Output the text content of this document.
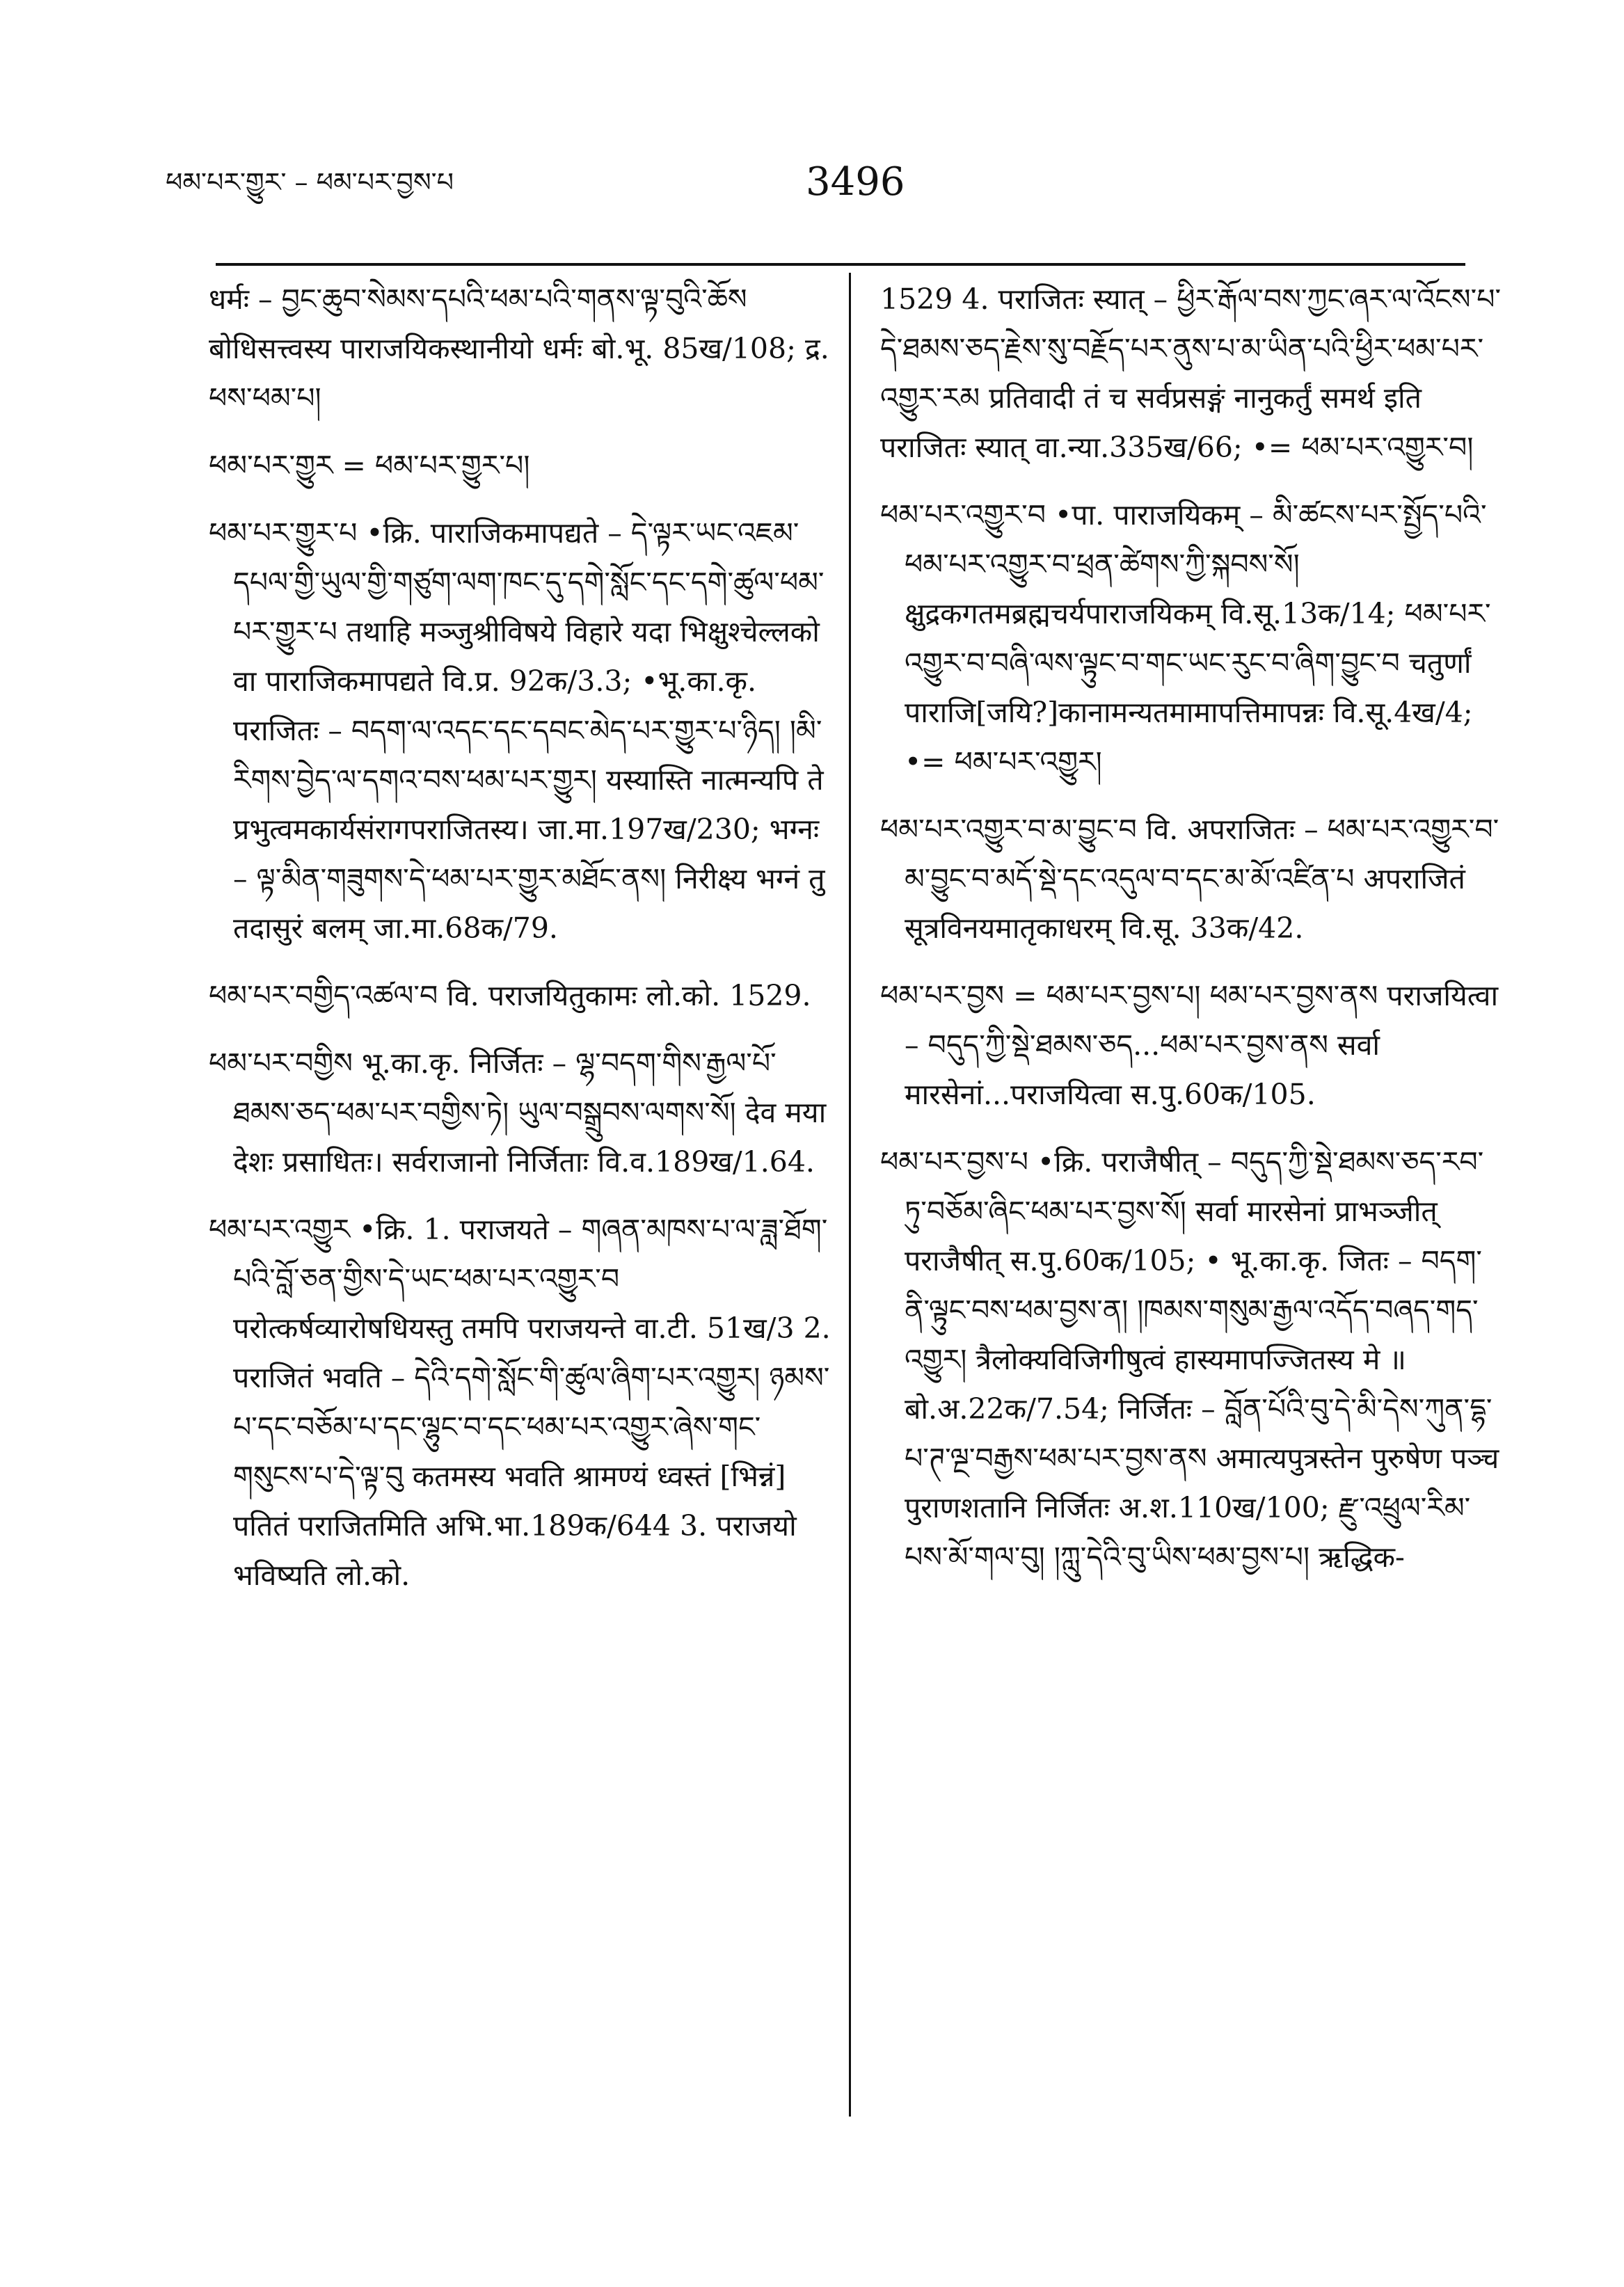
ཕམ་པར་གྱུར་ – ཕམ་པར་བྱས་པ	3496

धर्मः – བྱང་ཆུབ་སེམས་དཔའི་ཕམ་པའི་གནས་ལྟ་བུའི་ཆོས बोधिसत्त्वस्य पाराजयिकस्थानीयो धर्मः बो.भू. 85ख/108; द्र. ཕས་ཕམ་པ།

ཕམ་པར་གྱུར = ཕམ་པར་གྱུར་པ།

ཕམ་པར་གྱུར་པ •क्रि. पाराजिकमापद्यते – དེ་ལྟར་ཡང་འཇམ་དཔལ་གྱི་ཡུལ་གྱི་གཙུག་ལག་ཁང་དུ་དགེ་སློང་དང་དགེ་ཚུལ་ཕམ་པར་གྱུར་པ तथाहि मञ्जुश्रीविषये विहारे यदा भिक्षुश्चेल्लको वा पाराजिकमापद्यते वि.प्र. 92क/3.3; •भू.का.कृ. पराजितः – བདག་ལ་འདང་དང་དབང་མེད་པར་གྱུར་པ་ཉིད། །མི་རིགས་བྱེད་ལ་དགའ་བས་ཕམ་པར་གྱུར། यस्यास्ति नात्मन्यपि ते प्रभुत्वमकार्यसंरागपराजितस्य। जा.मा.197ख/230; भग्नः – ལྟ་མིན་གཟུགས་དེ་ཕམ་པར་གྱུར་མཐོང་ནས། निरीक्ष्य भग्नं तु तदासुरं बलम् जा.मा.68क/79.

ཕམ་པར་བགྱིད་འཚལ་བ वि. पराजयितुकामः लो.को. 1529.

ཕམ་པར་བགྱིས भू.का.कृ. निर्जितः – ལྷ་བདག་གིས་རྒྱལ་པོ་ཐམས་ཅད་ཕམ་པར་བགྱིས་ཏེ། ཡུལ་བསྒྲུབས་ལགས་སོ། देव मया देशः प्रसाधितः। सर्वराजानो निर्जिताः वि.व.189ख/1.64.

ཕམ་པར་འགྱུར •क्रि. 1. पराजयते – གཞན་མཁས་པ་ལ་ཟླ་ཐོག་པའི་བློ་ཅན་གྱིས་དེ་ཡང་ཕམ་པར་འགྱུར་བ परोत्कर्षव्यारोषधियस्तु तमपि पराजयन्ते वा.टी. 51ख/3 2. पराजितं भवति – དེའི་དགེ་སློང་གི་ཚུལ་ཞིག་པར་འགྱུར། ཉམས་པ་དང་བཅོམ་པ་དང་ལྷུང་བ་དང་ཕམ་པར་འགྱུར་ཞེས་གང་གསུངས་པ་དེ་ལྟ་བུ कतमस्य भवति श्रामण्यं ध्वस्तं [भिन्नं] पतितं पराजितमिति अभि.भा.189क/644 3. पराजयो भविष्यति लो.को.

1529 4. पराजितः स्यात् – ཕྱིར་རྒོལ་བས་ཀྱང་ཞར་ལ་འོངས་པ་དེ་ཐམས་ཅད་རྗེས་སུ་བརྗོད་པར་ནུས་པ་མ་ཡིན་པའི་ཕྱིར་ཕམ་པར་འགྱུར་རམ प्रतिवादी तं च सर्वप्रसङ्गं नानुकर्तुं समर्थ इति पराजितः स्यात् वा.न्या.335ख/66; •= ཕམ་པར་འགྱུར་བ།

ཕམ་པར་འགྱུར་བ •पा. पाराजयिकम् – མི་ཚངས་པར་སྤྱོད་པའི་ཕམ་པར་འགྱུར་བ་ཕྲན་ཚེགས་ཀྱི་སྐབས་སོ། क्षुद्रकगतमब्रह्मचर्यपाराजयिकम् वि.सू.13क/14; ཕམ་པར་འགྱུར་བ་བཞི་ལས་ལྟུང་བ་གང་ཡང་རུང་བ་ཞིག་བྱུང་བ चतुर्णां पाराजि[जयि?]कानामन्यतमामापत्तिमापन्नः वि.सू.4ख/4; •= ཕམ་པར་འགྱུར།

ཕམ་པར་འགྱུར་བ་མ་བྱུང་བ वि. अपराजितः – ཕམ་པར་འགྱུར་བ་མ་བྱུང་བ་མདོ་སྡེ་དང་འདུལ་བ་དང་མ་མོ་འཛིན་པ अपराजितं सूत्रविनयमातृकाधरम् वि.सू. 33क/42.

ཕམ་པར་བྱས = ཕམ་པར་བྱས་པ། ཕམ་པར་བྱས་ནས पराजयित्वा – བདུད་ཀྱི་སྡེ་ཐམས་ཅད...ཕམ་པར་བྱས་ནས सर्वा मारसेनां...पराजयित्वा स.पु.60क/105.

ཕམ་པར་བྱས་པ •क्रि. पराजैषीत् – བདུད་ཀྱི་སྡེ་ཐམས་ཅད་རབ་ཏུ་བཅོམ་ཞིང་ཕམ་པར་བྱས་སོ། सर्वा मारसेनां प्राभञ्जीत् पराजैषीत् स.पु.60क/105; • भू.का.कृ. जितः – བདག་ནི་ལྟུང་བས་ཕམ་བྱས་ན། །ཁམས་གསུམ་རྒྱལ་འདོད་བཞད་གད་འགྱུར། त्रैलोक्यविजिगीषुत्वं हास्यमापज्जितस्य मे ॥ बो.अ.22क/7.54; निर्जितः – བློན་པོའི་བུ་དེ་མི་དེས་ཀུན་དྷ་པ་ཊ་ལྔ་བརྒྱས་ཕམ་པར་བྱས་ནས अमात्यपुत्रस्तेन पुरुषेण पञ्च पुराणशतानि निर्जितः अ.श.110ख/100; རྫུ་འཕྲུལ་རིམ་པས་མོ་གལ་བུ། །ཀླུ་དེའི་བུ་ཡིས་ཕམ་བྱས་པ། ऋद्धिक-
